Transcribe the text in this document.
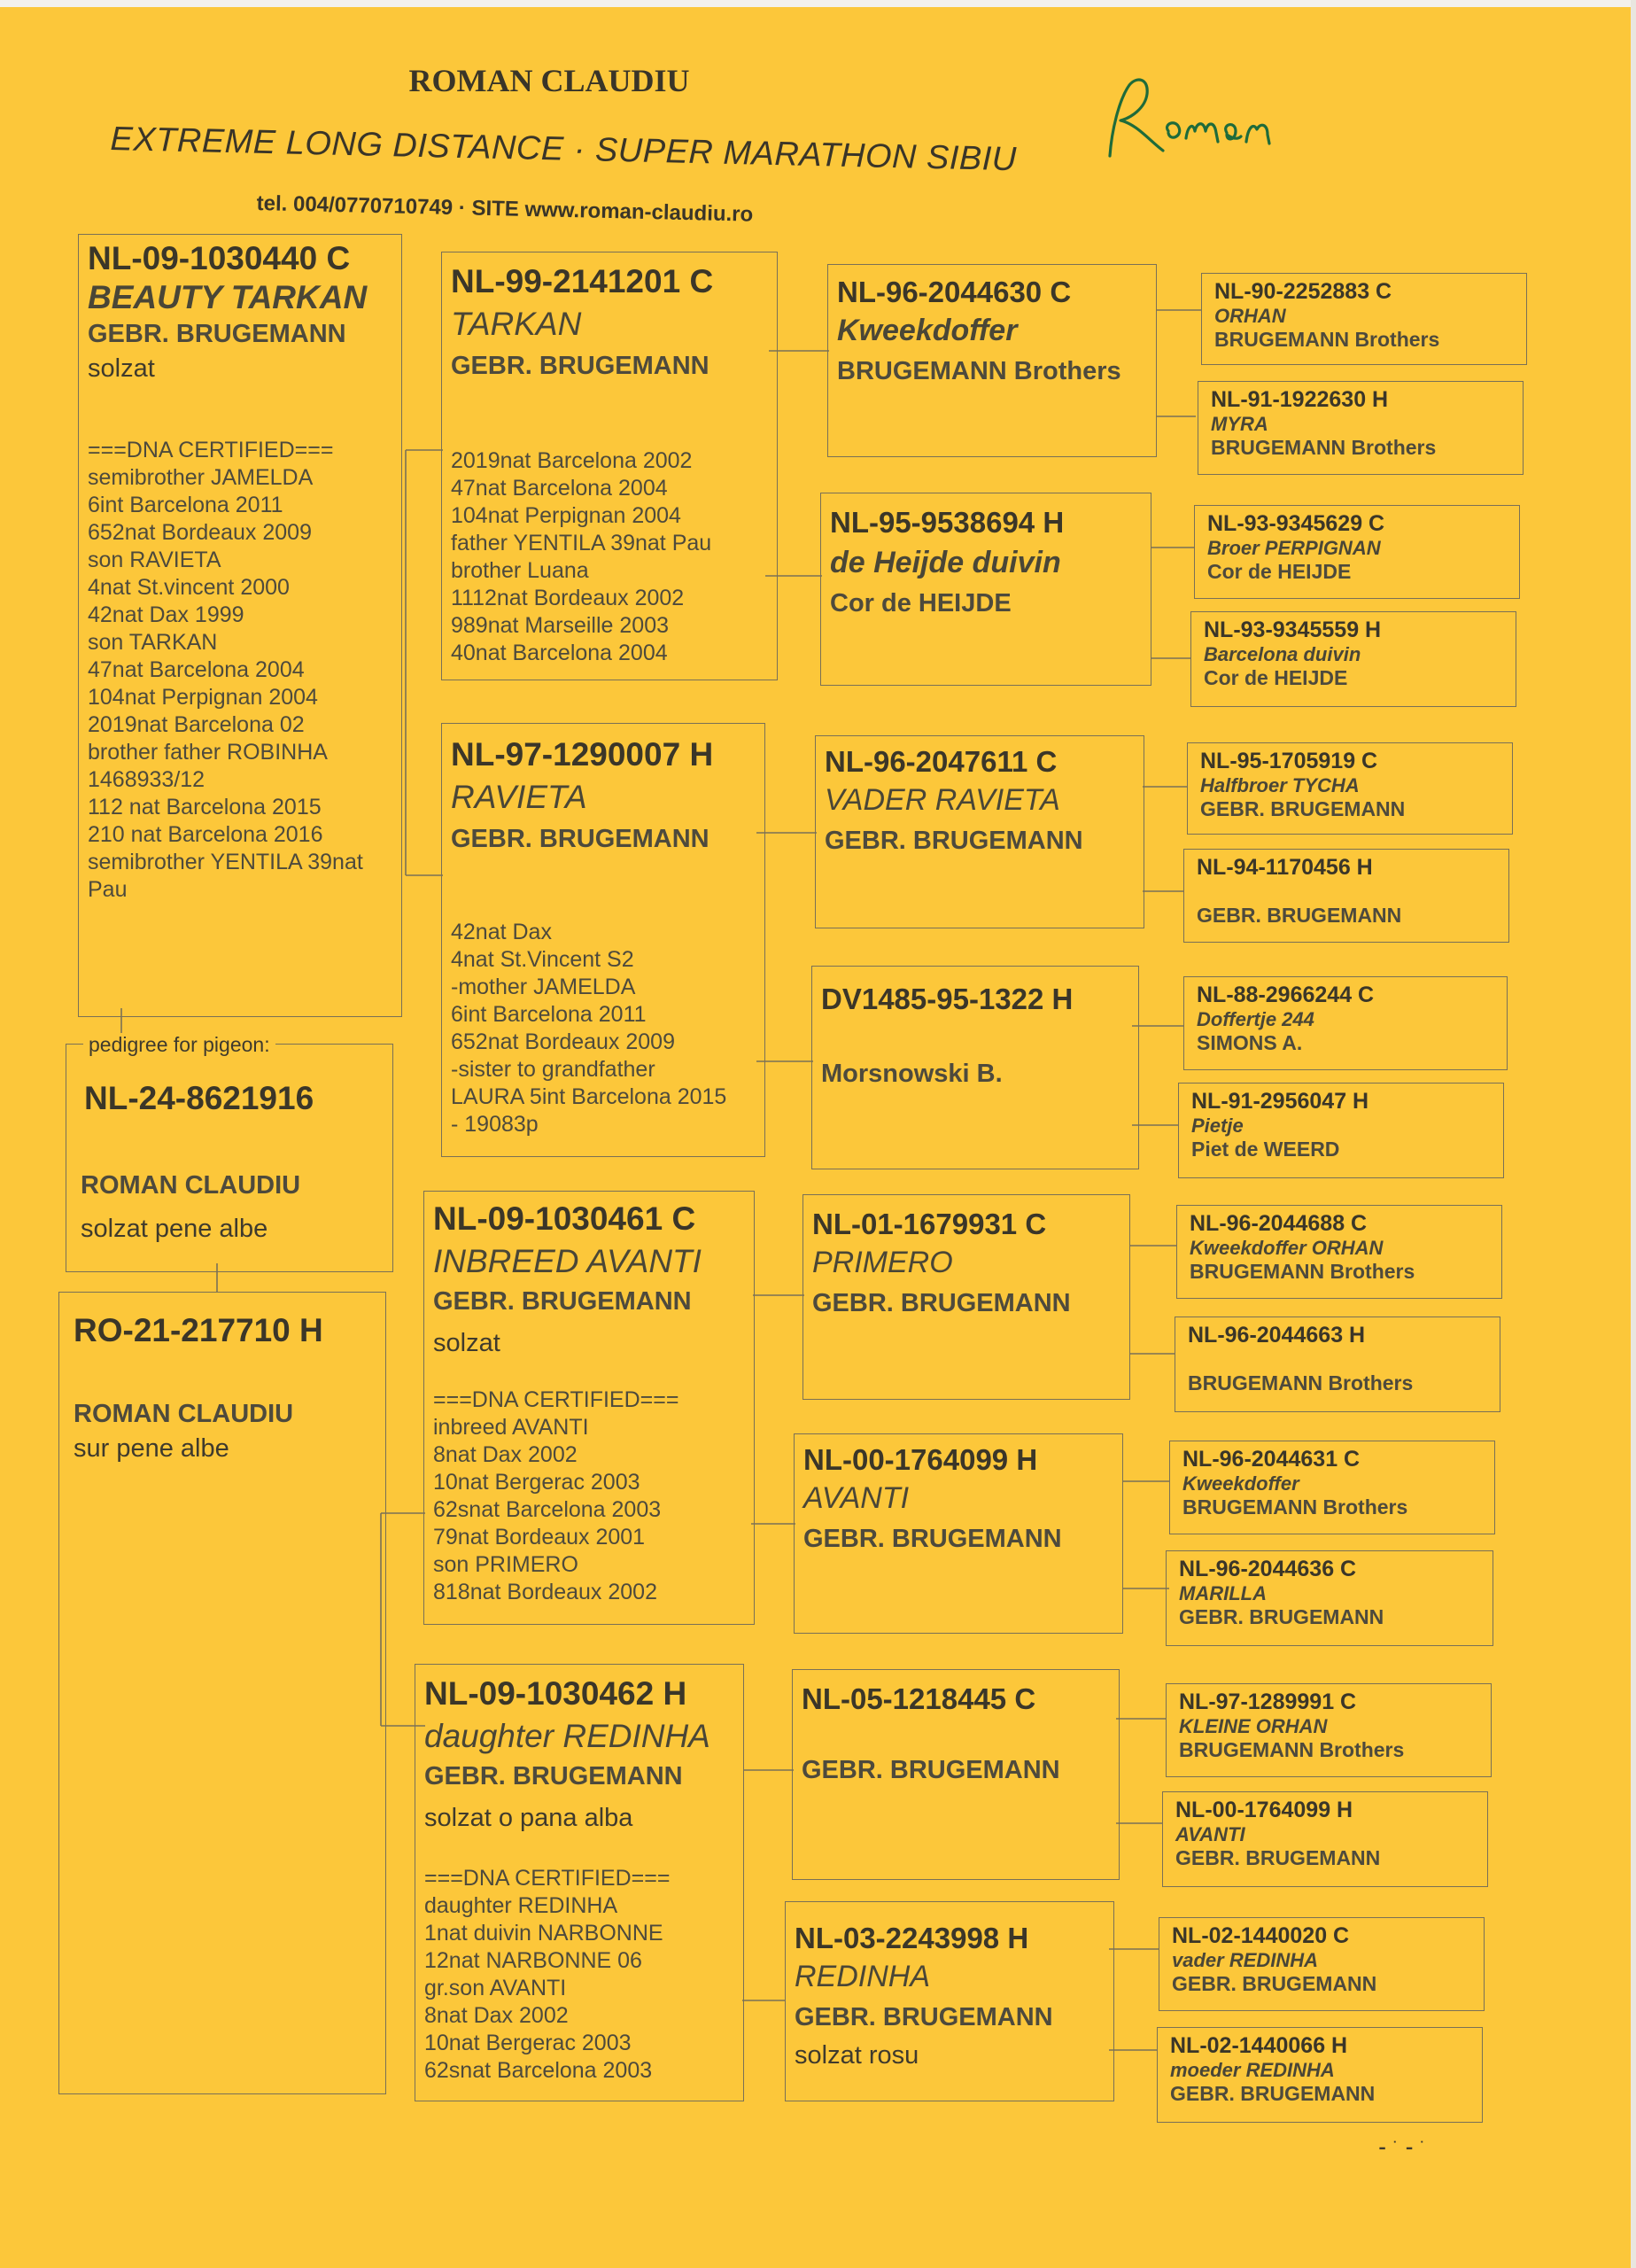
ROMAN CLAUDIU
EXTREME LONG DISTANCE · SUPER MARATHON SIBIU
tel. 004/0770710749 · SITE www.roman-claudiu.ro
NL-09-1030440 C
BEAUTY TARKAN
GEBR. BRUGEMANN
solzat
===DNA CERTIFIED===
semibrother JAMELDA
6int Barcelona 2011
652nat Bordeaux 2009
son RAVIETA
4nat St.vincent 2000
42nat Dax 1999
son TARKAN
47nat Barcelona 2004
104nat Perpignan 2004
2019nat Barcelona 02
brother father ROBINHA
1468933/12
112 nat Barcelona 2015
210 nat Barcelona 2016
semibrother YENTILA 39nat
Pau
NL-24-8621916
ROMAN CLAUDIU
solzat pene albe
pedigree for pigeon:
RO-21-217710 H
ROMAN CLAUDIU
sur pene albe
NL-99-2141201 C
TARKAN
GEBR. BRUGEMANN
2019nat Barcelona 2002
47nat Barcelona 2004
104nat Perpignan 2004
father YENTILA 39nat Pau
brother Luana
1112nat Bordeaux 2002
989nat Marseille 2003
40nat Barcelona 2004
NL-97-1290007 H
RAVIETA
GEBR. BRUGEMANN
42nat Dax
4nat St.Vincent S2
-mother JAMELDA
6int Barcelona 2011
652nat Bordeaux 2009
-sister to grandfather
LAURA 5int Barcelona 2015
- 19083p
NL-09-1030461 C
INBREED AVANTI
GEBR. BRUGEMANN
solzat
===DNA CERTIFIED===
inbreed AVANTI
8nat Dax 2002
10nat Bergerac 2003
62snat Barcelona 2003
79nat Bordeaux 2001
son PRIMERO
818nat Bordeaux 2002
NL-09-1030462 H
daughter REDINHA
GEBR. BRUGEMANN
solzat o pana alba
===DNA CERTIFIED===
daughter REDINHA
1nat duivin NARBONNE
12nat NARBONNE 06
gr.son AVANTI
8nat Dax 2002
10nat Bergerac 2003
62snat Barcelona 2003
NL-96-2044630 C
Kweekdoffer
BRUGEMANN Brothers
NL-95-9538694 H
de Heijde duivin
Cor de HEIJDE
NL-96-2047611 C
VADER RAVIETA
GEBR. BRUGEMANN
DV1485-95-1322 H
Morsnowski B.
NL-01-1679931 C
PRIMERO
GEBR. BRUGEMANN
NL-00-1764099 H
AVANTI
GEBR. BRUGEMANN
NL-05-1218445 C
GEBR. BRUGEMANN
NL-03-2243998 H
REDINHA
GEBR. BRUGEMANN
solzat rosu
NL-90-2252883 C
ORHAN
BRUGEMANN Brothers
NL-91-1922630 H
MYRA
BRUGEMANN Brothers
NL-93-9345629 C
Broer PERPIGNAN
Cor de HEIJDE
NL-93-9345559 H
Barcelona duivin
Cor de HEIJDE
NL-95-1705919 C
Halfbroer TYCHA
GEBR. BRUGEMANN
NL-94-1170456 H

GEBR. BRUGEMANN
NL-88-2966244 C
Doffertje 244
SIMONS A.
NL-91-2956047 H
Pietje
Piet de WEERD
NL-96-2044688 C
Kweekdoffer ORHAN
BRUGEMANN Brothers
NL-96-2044663 H

BRUGEMANN Brothers
NL-96-2044631 C
Kweekdoffer
BRUGEMANN Brothers
NL-96-2044636 C
MARILLA
GEBR. BRUGEMANN
NL-97-1289991 C
KLEINE ORHAN
BRUGEMANN Brothers
NL-00-1764099 H
AVANTI
GEBR. BRUGEMANN
NL-02-1440020 C
vader REDINHA
GEBR. BRUGEMANN
NL-02-1440066 H
moeder REDINHA
GEBR. BRUGEMANN
⁃ ˙ ⁃ ˙
